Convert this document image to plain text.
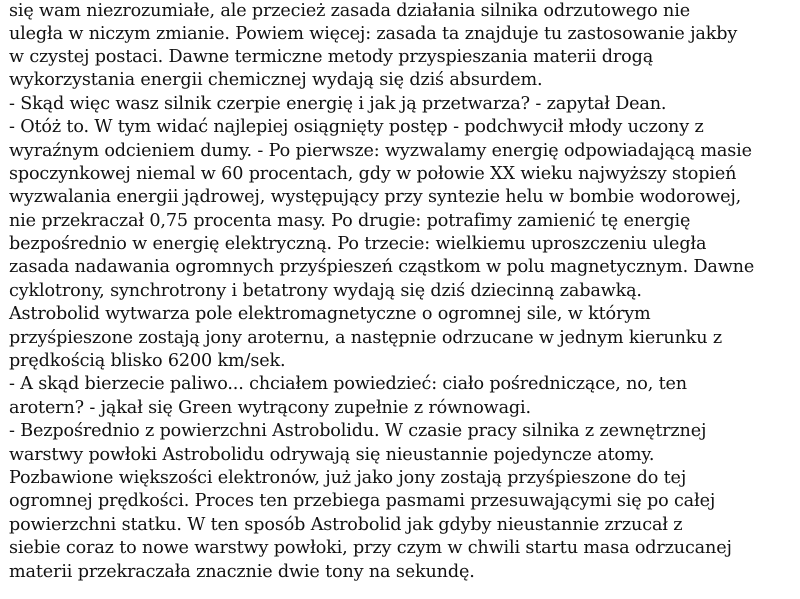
się wam niezrozumiałe, ale przecież zasada działania silnika odrzutowego nie
uległa w niczym zmianie. Powiem więcej: zasada ta znajduje tu zastosowanie jakby
w czystej postaci. Dawne termiczne metody przyspieszania materii drogą
wykorzystania energii chemicznej wydają się dziś absurdem.
- Skąd więc wasz silnik czerpie energię i jak ją przetwarza? - zapytał Dean.
- Otóż to. W tym widać najlepiej osiągnięty postęp - podchwycił młody uczony z
wyraźnym odcieniem dumy. - Po pierwsze: wyzwalamy energię odpowiadającą masie
spoczynkowej niemal w 60 procentach, gdy w połowie XX wieku najwyższy stopień
wyzwalania energii jądrowej, występujący przy syntezie helu w bombie wodorowej,
nie przekraczał 0,75 procenta masy. Po drugie: potrafimy zamienić tę energię
bezpośrednio w energię elektryczną. Po trzecie: wielkiemu uproszczeniu uległa
zasada nadawania ogromnych przyśpieszeń cząstkom w polu magnetycznym. Dawne
cyklotrony, synchrotrony i betatrony wydają się dziś dziecinną zabawką.
Astrobolid wytwarza pole elektromagnetyczne o ogromnej sile, w którym
przyśpieszone zostają jony aroternu, a następnie odrzucane w jednym kierunku z
prędkością blisko 6200 km/sek.
- A skąd bierzecie paliwo... chciałem powiedzieć: ciało pośredniczące, no, ten
arotern? - jąkał się Green wytrącony zupełnie z równowagi.
- Bezpośrednio z powierzchni Astrobolidu. W czasie pracy silnika z zewnętrznej
warstwy powłoki Astrobolidu odrywają się nieustannie pojedyncze atomy.
Pozbawione większości elektronów, już jako jony zostają przyśpieszone do tej
ogromnej prędkości. Proces ten przebiega pasmami przesuwającymi się po całej
powierzchni statku. W ten sposób Astrobolid jak gdyby nieustannie zrzucał z
siebie coraz to nowe warstwy powłoki, przy czym w chwili startu masa odrzucanej
materii przekraczała znacznie dwie tony na sekundę.
